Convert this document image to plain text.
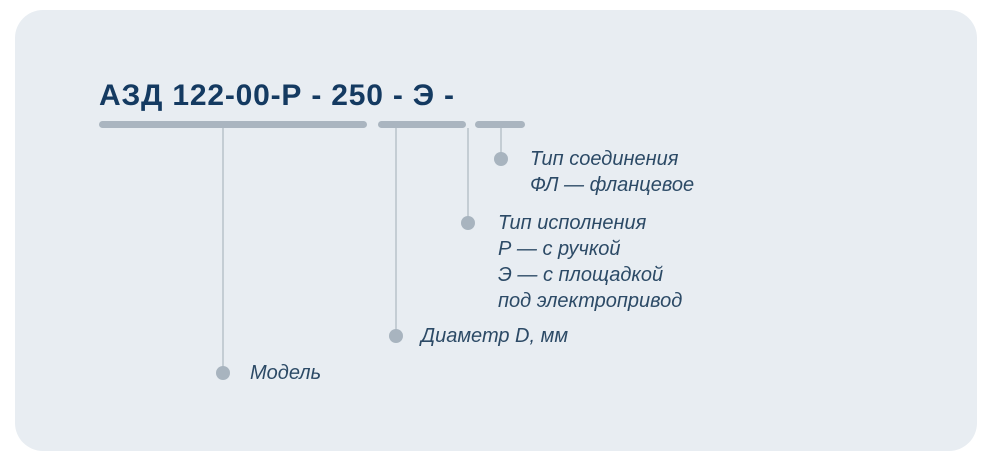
АЗД 122-00-Р - 250 - Э -
Тип соединения
ФЛ — фланцевое
Тип исполнения
Р — с ручкой
Э — с площадкой
под электропривод
Диаметр D, мм
Модель
